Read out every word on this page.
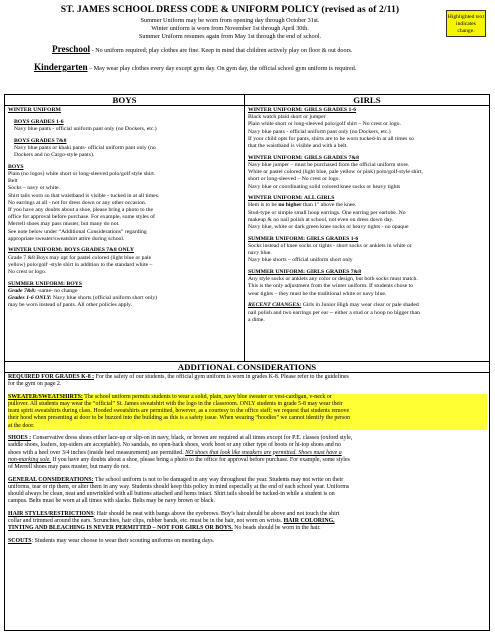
ST. JAMES SCHOOL DRESS CODE & UNIFORM POLICY (revised as of 2/11)
Summer Uniform may be worn from opening day through October 31st.
Winter uniform is worn from November 1st through April 30th.
Summer Uniform resumes again from May 1st through the end of school.
Highlighted text indicates change.
Preschool - No uniform required; play clothes are fine. Keep in mind that children actively play on floor & out doors.
Kindergarten – May wear play clothes every day except gym day. On gym day, the official school gym uniform is required.
BOYS	GIRLS

WINTER UNIFORM

BOYS GRADES 1-6

Navy blue pants - official uniform pant only (no Dockers, etc.)

BOYS GRADES 7&8

Navy blue pants or khaki pants- official uniform pant only (no

Dockers and no Cargo-style pants).

BOYS

Plain (no logos) white short or long-sleeved polo/golf style shirt.

Belt

Socks – navy or white.

Shirt tails worn so that waistband is visible - tucked in at all times.

No earrings at all - not for dress down or any other occasion.

If you have any doubts about a shoe, please bring a photo to the

office for approval before purchase. For example, some styles of

Merrell shoes may pass muster, but many do not.

See note below under “Additional Considerations” regarding

appropriate sweater/sweatshirt attire during school.

WINTER UNIFORM: BOYS GRADES 7&8 ONLY

Grade 7 &8 Boys may opt for pastel colored (light blue or pale

yellow) polo/golf -style shirt in addition to the standard white –

No crest or logo.

SUMMER UNIFORM: BOYS

Grade 7&8: -same- no change

Grades 1-6 ONLY: Navy blue shorts (official uniform short only)

may be worn instead of pants. All other policies apply.

WINTER UNIFORM: GIRLS GRADES 1-6

Black watch plaid skort or jumper

Plain white short or long-sleeved polo/golf shirt – No crest or logo.

Navy blue pants - official uniform pant only (no Dockers, etc.)

If your child opts for pants, shirts are to be worn tucked-in at all times so

that the waistband is visible and with a belt.

WINTER UNIFORM: GIRLS GRADES 7&8

Navy blue jumper – must be purchased from the official uniform store.

White or pastel colored (light blue, pale yellow or pink) polo/golf-style shirt,

short or long-sleeved – No crest or logo.

Navy blue or coordinating solid colored knee socks or heavy tights

WINTER UNIFORM: ALL GIRLS

Hem is to be no higher than 1" above the knee.

Stud-type or simple small hoop earrings. One earring per earlobe. No

makeup & no nail polish at school, not even on dress down day.

Navy blue, white or dark green knee socks or heavy tights - no opaque

SUMMER UNIFORM: GIRLS GRADES 1-6

Socks instead of knee socks or tights - short socks or anklets in white or

navy blue.

Navy blue shorts – official uniform short only

SUMMER UNIFORM: GIRLS GRADES 7&8

Any style socks or anklets any color or design, but both socks must match.

This is the only adjustment from the winter uniform. If students chose to

wear tights – they must be the traditional white or navy blue.

RECENT CHANGES: Girls in Junior High may wear clear or pale shaded

nail polish and two earrings per ear -- either a stud or a hoop no bigger than

a dime.

ADDITIONAL CONSIDERATIONS

REQUIRED FOR GRADES K-8 : For the safety of our students, the official gym uniform is worn in grades K-8. Please refer to the guidelines
for the gym on page 2.

SWEATER/SWEATSHIRTS: The school uniform permits students to wear a solid, plain, navy blue sweater or vest-cardigan, v-neck or
pullover. All students may wear the “official” St. James sweatshirt with the logo in the classroom. ONLY students in grade 5-8 may wear their
team spirit sweatshirts during class. Hooded sweatshirts are permitted, however, as a courtesy to the office staff; we request that students remove
their hood when presenting at door to be buzzed into the building as this is a safety issue. When wearing “hoodies” we cannot identify the person
at the door.

SHOES : Conservative dress shoes either lace-up or slip-on in navy, black, or brown are required at all times except for P.E. classes (oxford style,
saddle shoes, loafers, top-siders are acceptable). No sandals, no open-back shoes, work boot or any other type of boots or hi-top shoes and no
shoes with a heel over 3/4 inches (inside heel measurement) are permitted. NO shoes that look like sneakers are permitted. Shoes must have a
non-marking sole. If you have any doubts about a shoe, please bring a photo to the office for approval before purchase. For example, some styles
of Merrell shoes may pass muster, but many do not.

GENERAL CONSIDERATIONS: The school uniform is not to be damaged in any way throughout the year. Students may not write on their
uniforms, tear or rip them, or alter them in any way. Students should keep this policy in mind especially at the end of each school year. Uniforms
should always be clean, neat and unwrinkled with all buttons attached and hems intact. Shirt tails should be tucked-in while a student is on
campus. Belts must be worn at all times with slacks. Belts may be navy brown or black.

HAIR STYLES/RESTRICTIONS: Hair should be neat with bangs above the eyebrows. Boy’s hair should be above and not touch the shirt
collar and trimmed around the ears. Scrunchies, hair clips, rubber bands, etc. must be in the hair, not worn on wrists. HAIR COLORING,
TINTING AND BLEACHING IS NEVER PERMITTED – NOT FOR GIRLS OR BOYS. No beads should be worn in the hair.

SCOUTS: Students may wear choose to wear their scouting uniforms on meeting days.
